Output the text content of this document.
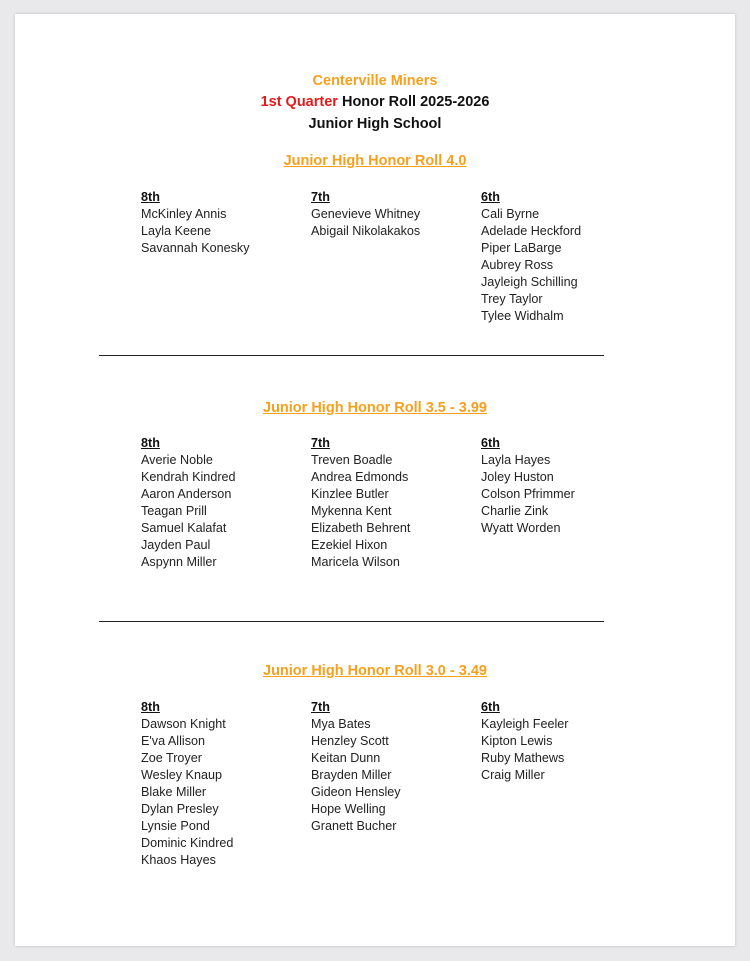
Centerville Miners
1st Quarter Honor Roll 2025-2026
Junior High School
Junior High Honor Roll 4.0
8th
McKinley Annis
Layla Keene
Savannah Konesky
7th
Genevieve Whitney
Abigail Nikolakakos
6th
Cali Byrne
Adelade Heckford
Piper LaBarge
Aubrey Ross
Jayleigh Schilling
Trey Taylor
Tylee Widhalm
Junior High Honor Roll 3.5 - 3.99
8th
Averie Noble
Kendrah Kindred
Aaron Anderson
Teagan Prill
Samuel Kalafat
Jayden Paul
Aspynn Miller
7th
Treven Boadle
Andrea Edmonds
Kinzlee Butler
Mykenna Kent
Elizabeth Behrent
Ezekiel Hixon
Maricela Wilson
6th
Layla Hayes
Joley Huston
Colson Pfrimmer
Charlie Zink
Wyatt Worden
Junior High Honor Roll 3.0 - 3.49
8th
Dawson Knight
E'va Allison
Zoe Troyer
Wesley Knaup
Blake Miller
Dylan Presley
Lynsie Pond
Dominic Kindred
Khaos Hayes
7th
Mya Bates
Henzley Scott
Keitan Dunn
Brayden Miller
Gideon Hensley
Hope Welling
Granett Bucher
6th
Kayleigh Feeler
Kipton Lewis
Ruby Mathews
Craig Miller
